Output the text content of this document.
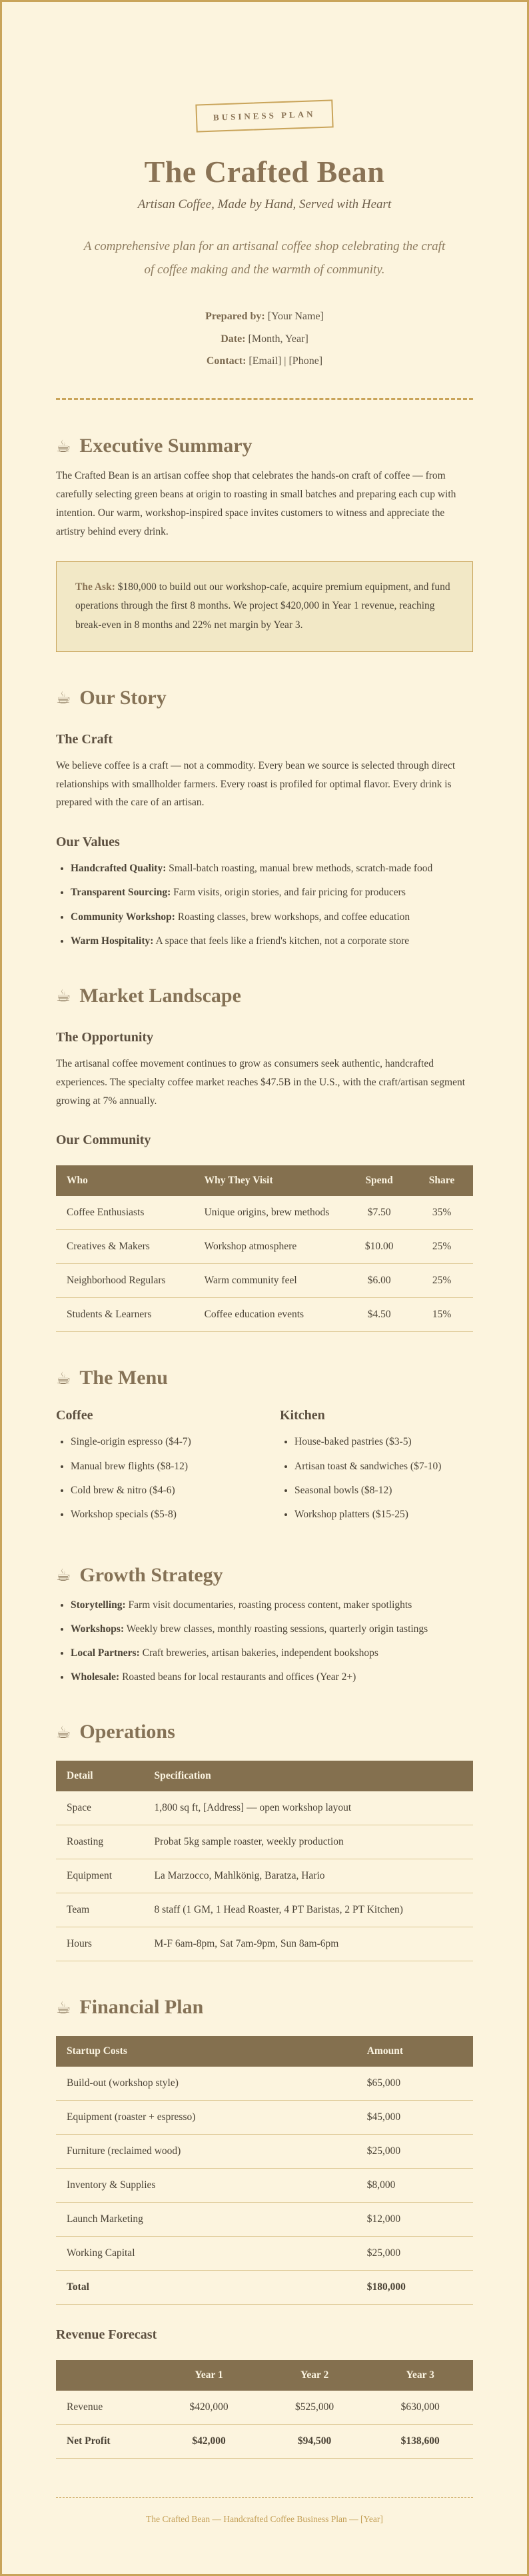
BUSINESS PLAN
The Crafted Bean

Artisan Coffee, Made by Hand, Served with Heart

A comprehensive plan for an artisanal coffee shop celebrating the craft of coffee making and the warmth of community.

Prepared by: [Your Name]
Date: [Month, Year]
Contact: [Email] | [Phone]
☕ Executive Summary

The Crafted Bean is an artisan coffee shop that celebrates the hands-on craft of coffee — from carefully selecting green beans at origin to roasting in small batches and preparing each cup with intention. Our warm, workshop-inspired space invites customers to witness and appreciate the artistry behind every drink.

The Ask: $180,000 to build out our workshop-cafe, acquire premium equipment, and fund operations through the first 8 months. We project $420,000 in Year 1 revenue, reaching break-even in 8 months and 22% net margin by Year 3.
☕ Our Story
The Craft

We believe coffee is a craft — not a commodity. Every bean we source is selected through direct relationships with smallholder farmers. Every roast is profiled for optimal flavor. Every drink is prepared with the care of an artisan.

Our Values
• Handcrafted Quality: Small-batch roasting, manual brew methods, scratch-made food
• Transparent Sourcing: Farm visits, origin stories, and fair pricing for producers
• Community Workshop: Roasting classes, brew workshops, and coffee education
• Warm Hospitality: A space that feels like a friend's kitchen, not a corporate store
☕ Market Landscape
The Opportunity

The artisanal coffee movement continues to grow as consumers seek authentic, handcrafted experiences. The specialty coffee market reaches $47.5B in the U.S., with the craft/artisan segment growing at 7% annually.

Our Community
Who	Why They Visit	Spend	Share
Coffee Enthusiasts	Unique origins, brew methods	$7.50	35%
Creatives & Makers	Workshop atmosphere	$10.00	25%
Neighborhood Regulars	Warm community feel	$6.00	25%
Students & Learners	Coffee education events	$4.50	15%
☕ The Menu
Coffee
• Single-origin espresso ($4-7)
• Manual brew flights ($8-12)
• Cold brew & nitro ($4-6)
• Workshop specials ($5-8)
Kitchen
• House-baked pastries ($3-5)
• Artisan toast & sandwiches ($7-10)
• Seasonal bowls ($8-12)
• Workshop platters ($15-25)
☕ Growth Strategy
• Storytelling: Farm visit documentaries, roasting process content, maker spotlights
• Workshops: Weekly brew classes, monthly roasting sessions, quarterly origin tastings
• Local Partners: Craft breweries, artisan bakeries, independent bookshops
• Wholesale: Roasted beans for local restaurants and offices (Year 2+)
☕ Operations
Detail	Specification
Space	1,800 sq ft, [Address] — open workshop layout
Roasting	Probat 5kg sample roaster, weekly production
Equipment	La Marzocco, Mahlkönig, Baratza, Hario
Team	8 staff (1 GM, 1 Head Roaster, 4 PT Baristas, 2 PT Kitchen)
Hours	M-F 6am-8pm, Sat 7am-9pm, Sun 8am-6pm
☕ Financial Plan
Startup Costs	Amount
Build-out (workshop style)	$65,000
Equipment (roaster + espresso)	$45,000
Furniture (reclaimed wood)	$25,000
Inventory & Supplies	$8,000
Launch Marketing	$12,000
Working Capital	$25,000
Total	$180,000
Revenue Forecast
	Year 1	Year 2	Year 3
Revenue	$420,000	$525,000	$630,000
Net Profit	$42,000	$94,500	$138,600

The Crafted Bean — Handcrafted Coffee Business Plan — [Year]
